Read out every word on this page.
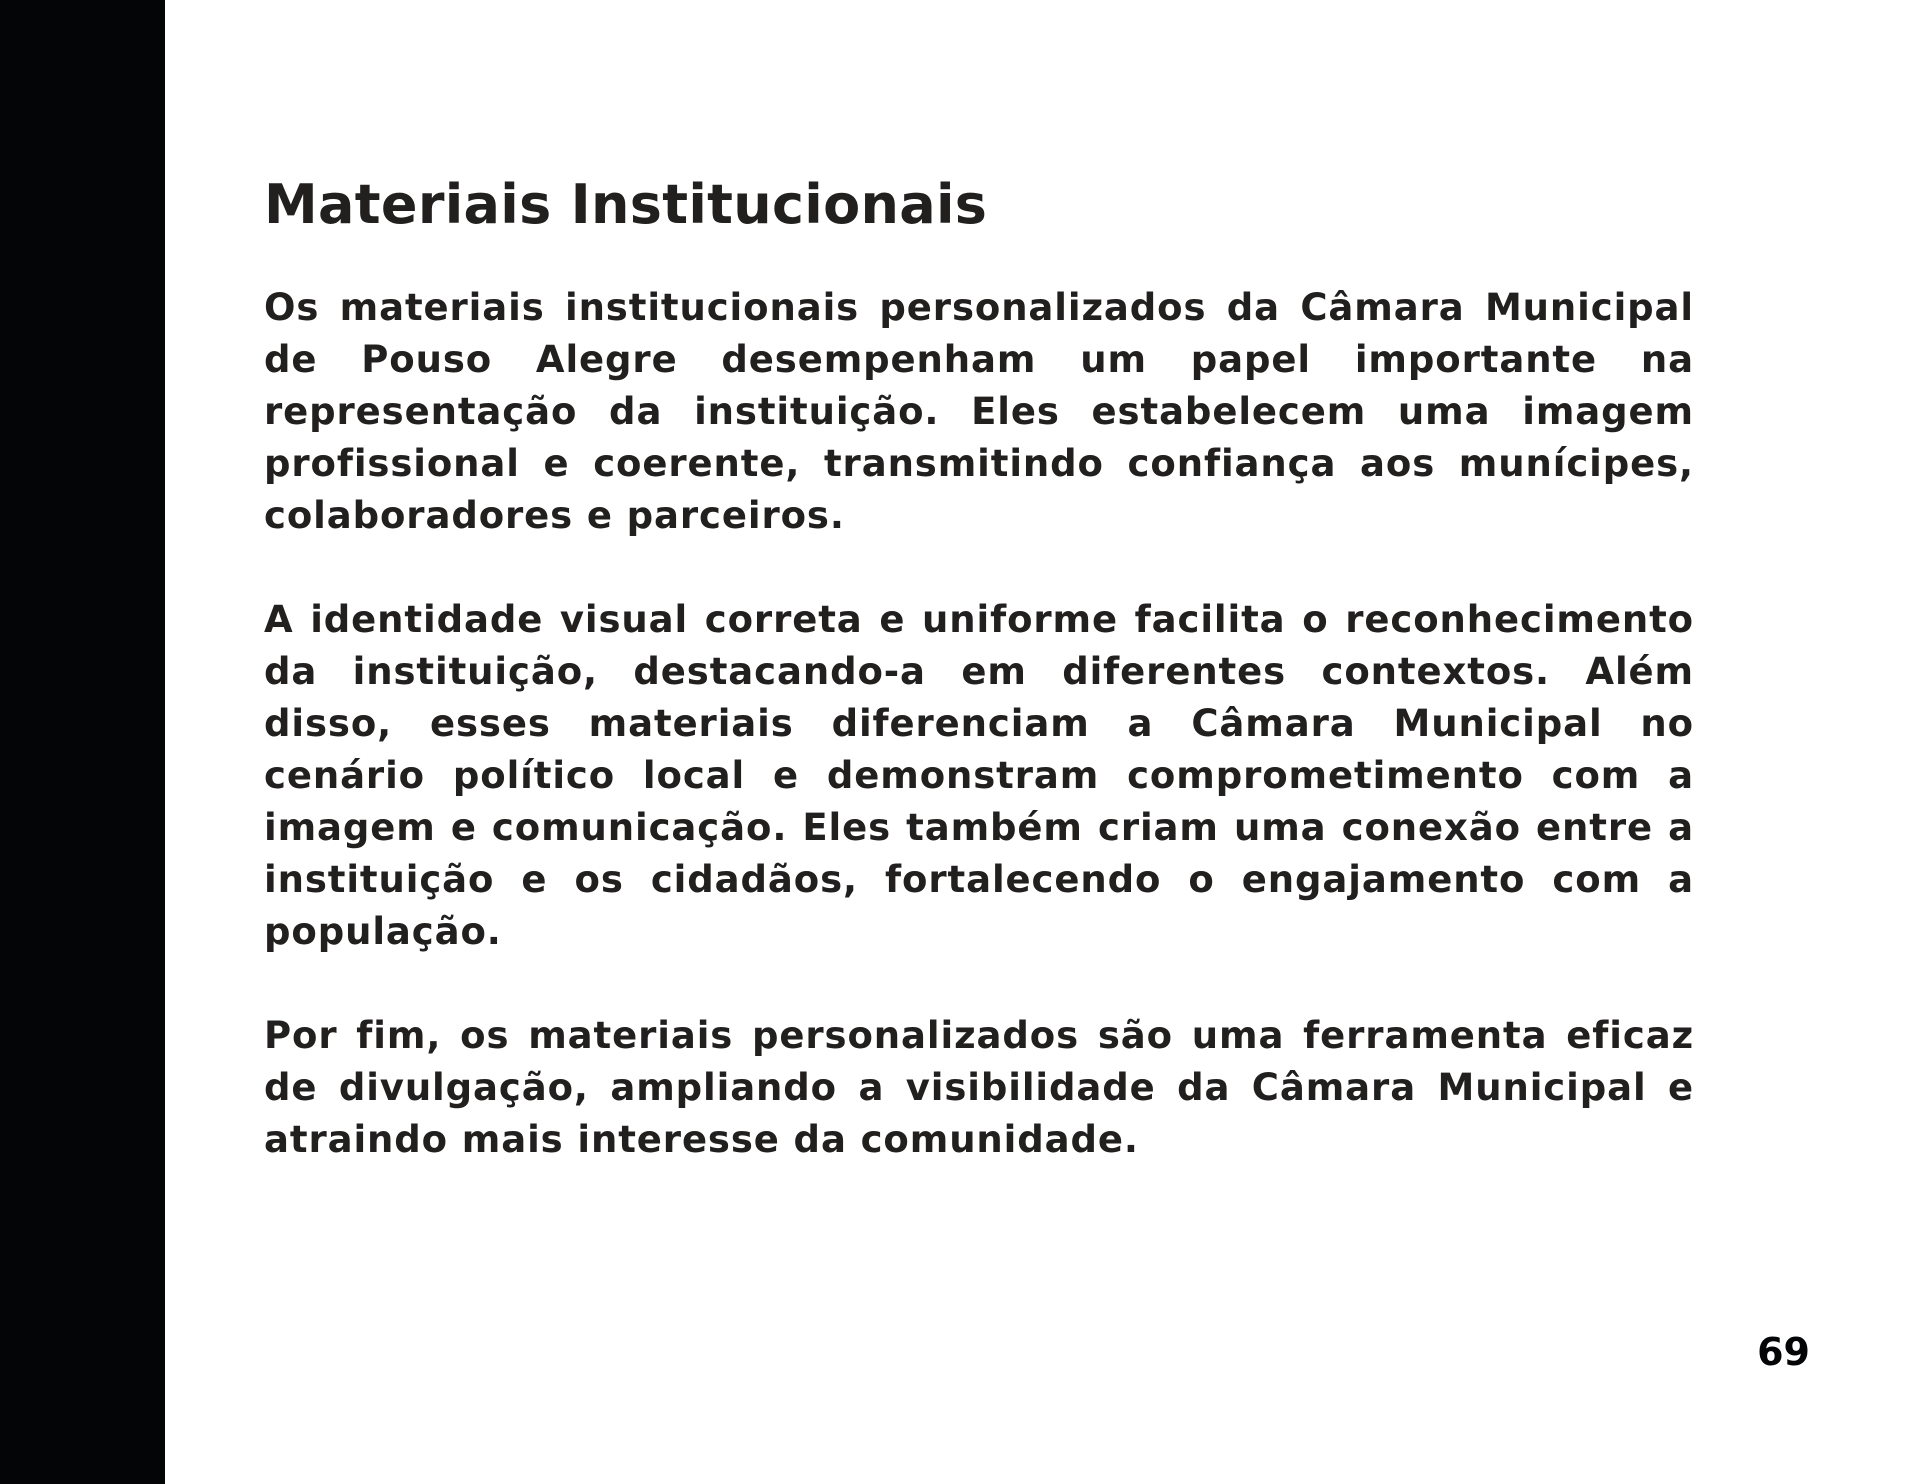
Materiais Institucionais

Os materiais institucionais personalizados da Câmara Municipal de Pouso Alegre desempenham um papel importante na representação da instituição. Eles estabelecem uma imagem profissional e coerente, transmitindo confiança aos munícipes, colaboradores e parceiros.

A identidade visual correta e uniforme facilita o reconhecimento da instituição, destacando-a em diferentes contextos. Além disso, esses materiais diferenciam a Câmara Municipal no cenário político local e demonstram comprometimento com a imagem e comunicação. Eles também criam uma conexão entre a instituição e os cidadãos, fortalecendo o engajamento com a população.

Por fim, os materiais personalizados são uma ferramenta eficaz de divulgação, ampliando a visibilidade da Câmara Municipal e atraindo mais interesse da comunidade.

69
